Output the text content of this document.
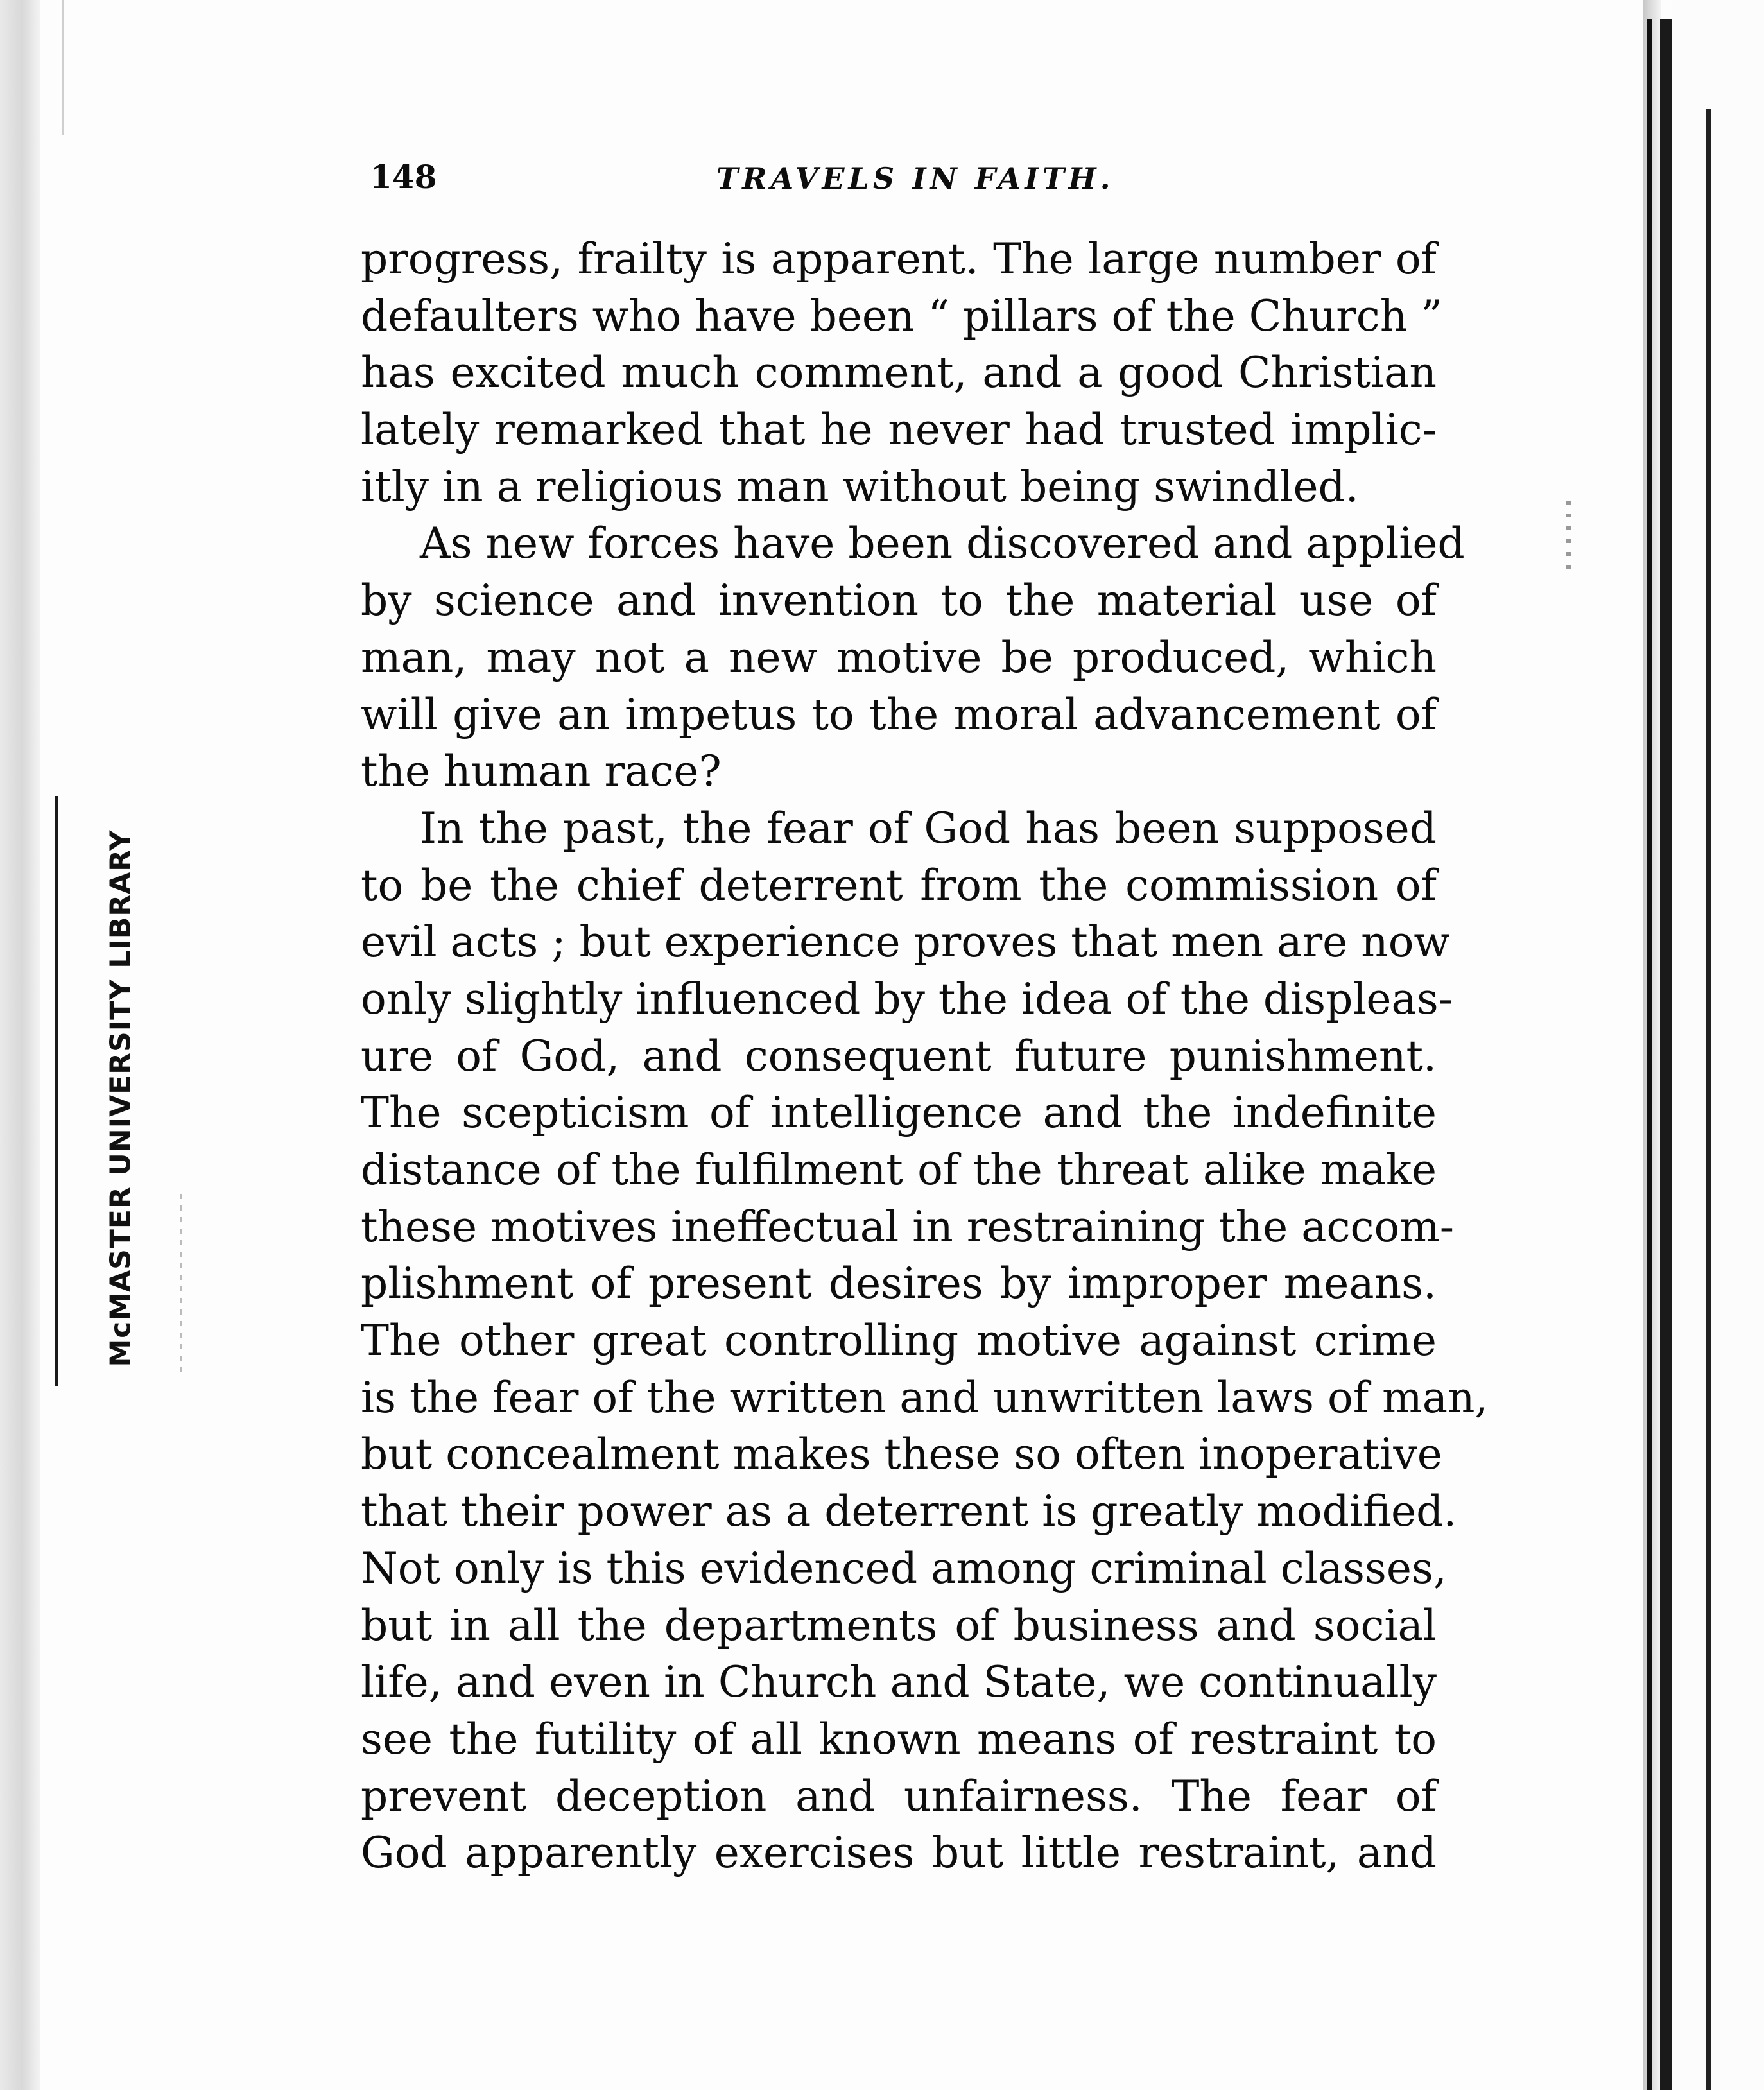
McMASTER UNIVERSITY LIBRARY
148	TRAVELS IN FAITH.

progress, frailty is apparent. The large number of
defaulters who have been “ pillars of the Church ”
has excited much comment, and a good Christian
lately remarked that he never had trusted implic-
itly in a religious man without being swindled.

As new forces have been discovered and applied
by science and invention to the material use of
man, may not a new motive be produced, which
will give an impetus to the moral advancement of
the human race?

In the past, the fear of God has been supposed
to be the chief deterrent from the commission of
evil acts ; but experience proves that men are now
only slightly influenced by the idea of the displeas-
ure of God, and consequent future punishment.
The scepticism of intelligence and the indefinite
distance of the fulfilment of the threat alike make
these motives ineffectual in restraining the accom-
plishment of present desires by improper means.
The other great controlling motive against crime
is the fear of the written and unwritten laws of man,
but concealment makes these so often inoperative
that their power as a deterrent is greatly modified.
Not only is this evidenced among criminal classes,
but in all the departments of business and social
life, and even in Church and State, we continually
see the futility of all known means of restraint to
prevent deception and unfairness. The fear of
God apparently exercises but little restraint, and
